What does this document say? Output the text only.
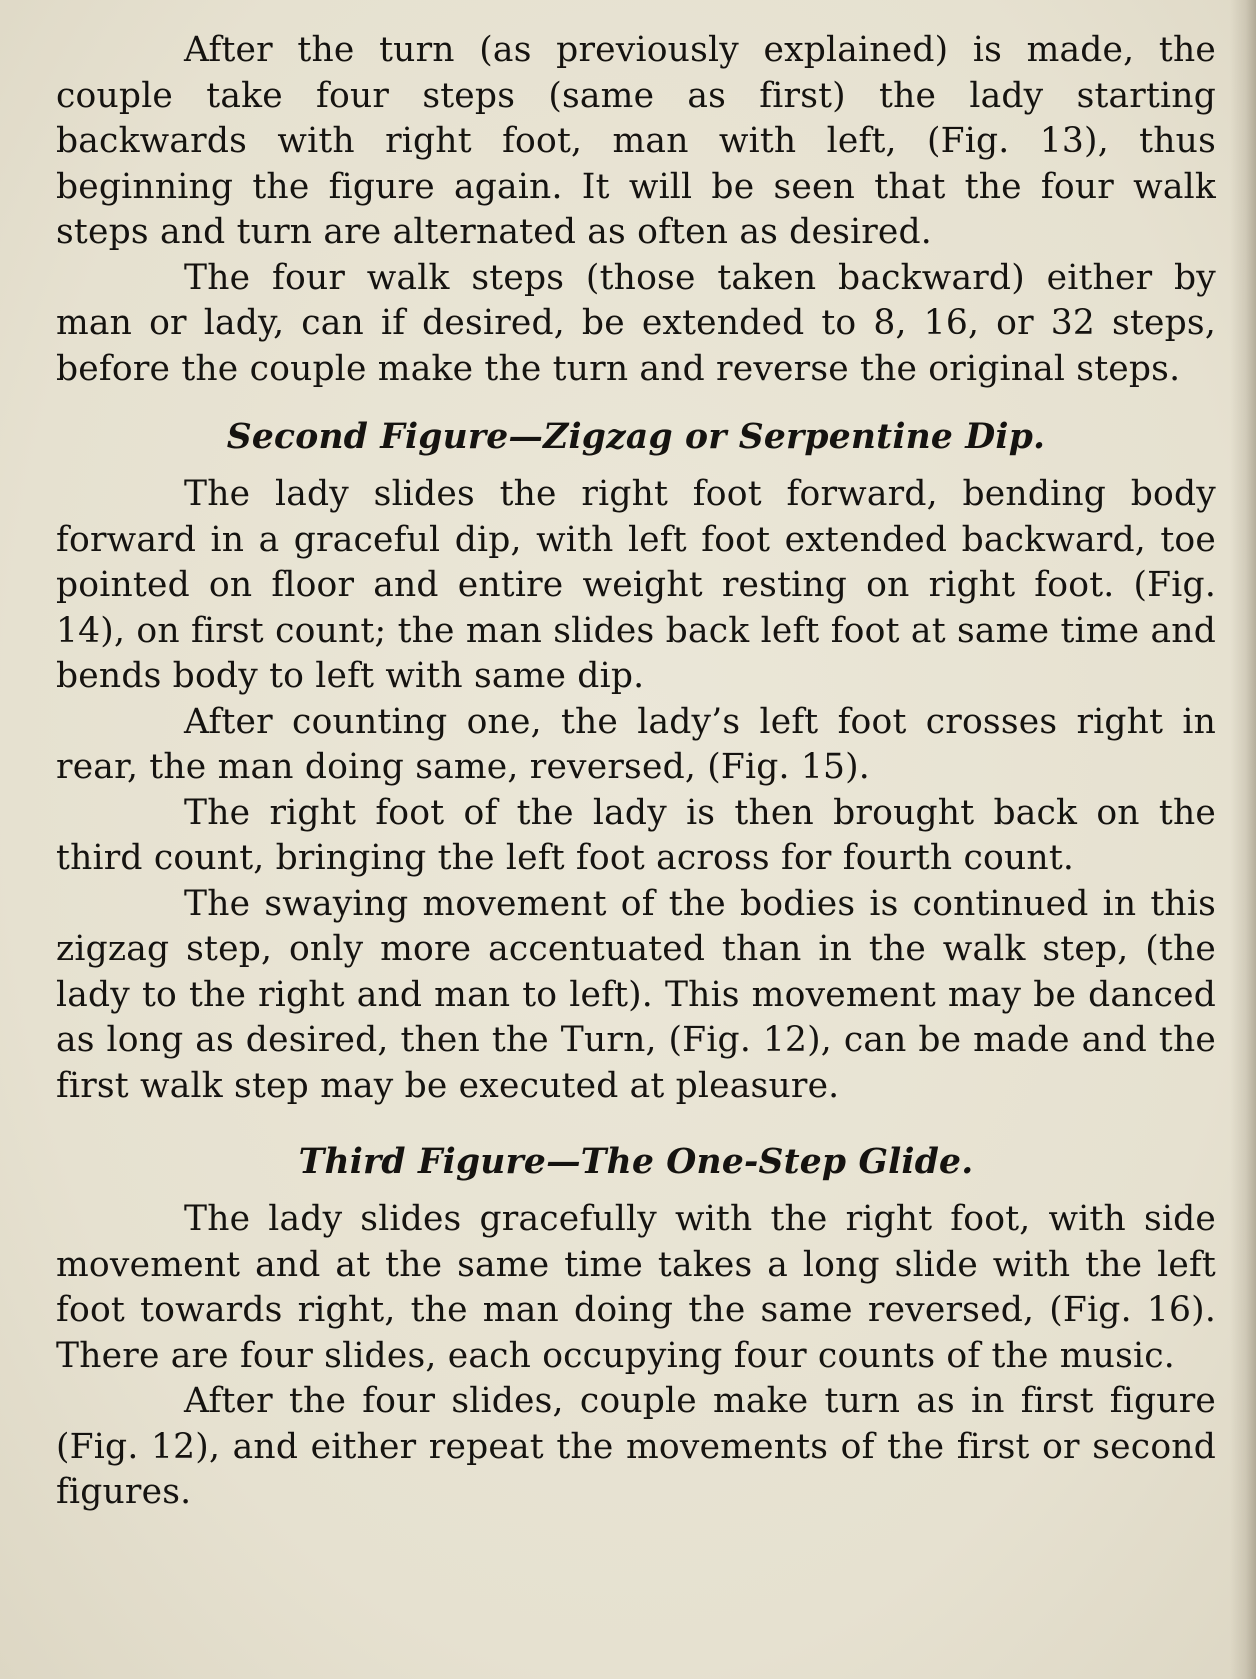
After the turn (as previously explained) is made, the couple take four steps (same as first) the lady starting backwards with right foot, man with left, (Fig. 13), thus beginning the figure again. It will be seen that the four walk steps and turn are alternated as often as desired.

The four walk steps (those taken backward) either by man or lady, can if desired, be extended to 8, 16, or 32 steps, before the couple make the turn and reverse the original steps.

Second Figure—Zigzag or Serpentine Dip.

The lady slides the right foot forward, bending body forward in a graceful dip, with left foot extended backward, toe pointed on floor and entire weight resting on right foot. (Fig. 14), on first count; the man slides back left foot at same time and bends body to left with same dip.

After counting one, the lady’s left foot crosses right in rear, the man doing same, reversed, (Fig. 15).

The right foot of the lady is then brought back on the third count, bringing the left foot across for fourth count.

The swaying movement of the bodies is continued in this zigzag step, only more accentuated than in the walk step, (the lady to the right and man to left). This movement may be danced as long as desired, then the Turn, (Fig. 12), can be made and the first walk step may be executed at pleasure.

Third Figure—The One-Step Glide.

The lady slides gracefully with the right foot, with side movement and at the same time takes a long slide with the left foot towards right, the man doing the same reversed, (Fig. 16). There are four slides, each occupying four counts of the music.

After the four slides, couple make turn as in first figure (Fig. 12), and either repeat the movements of the first or second figures.
